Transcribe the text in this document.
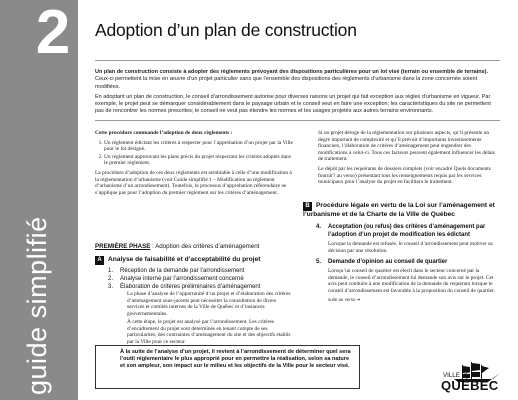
2
guide simplifié
Adoption d’un plan de construction

Un plan de construction consiste à adopter des règlements prévoyant des dispositions particulières pour un lot visé (terrain ou ensemble de terrains). Ceux-ci permettent la mise en œuvre d’un projet particulier sans que l’ensemble des dispositions des règlements d’urbanisme dans la zone concernée soient modifiées.

En adoptant un plan de construction, le conseil d’arrondissement autorise pour diverses raisons un projet qui fait exception aux règles d’urbanisme en vigueur. Par exemple, le projet peut se démarquer considérablement dans le paysage urbain et le conseil veut en faire une exception; les caractéristiques du site ne permettent pas de rencontrer les normes prescrites; le conseil ne veut pas étendre les normes et les usages projetés aux autres terrains environnants.

Cette procédure commande l’adoption de deux règlements :

1. Un règlement édictant les critères à respecter pour l’approbation d’un projet par la Ville pour le lot désigné.
2. Un règlement approuvant les plans précis du projet respectant les critères adoptés dans le premier règlement.

La procédure d’adoption de ces deux règlements est semblable à celle d’une modification à la réglementation d’urbanisme (voir Guide simplifié 1 – Modification au règlement d’urbanisme d’un arrondissement). Toutefois, le processus d’approbation référendaire ne s’applique pas pour l’adoption du premier règlement sur les critères d’aménagement.

PREMIÈRE PHASE : Adoption des critères d’aménagement
A Analyse de faisabilité et d’acceptabilité du projet
1. Réception de la demande par l’arrondissement
2. Analyse interne par l’arrondissement concerné
3. Élaboration de critères préliminaires d’aménagement

La phase d’analyse de l’opportunité d’un projet et d’élaboration des critères d’aménagement sous-jacents peut nécessiter la consultation de divers services et comités internes de la Ville de Québec et d’instances gouvernementales.

À cette étape, le projet est analysé par l’arrondissement. Les critères d’encadrement du projet sont déterminés en tenant compte de ses particularités, des contraintes d’aménagement du site et des objectifs établis par la Ville pour ce secteur.

Si un projet déroge de la réglementation sur plusieurs aspects, qu’il présente un degré important de complexité et qu’il prévoit d’importants investissements financiers, l’élaboration de critères d’aménagement peut engendrer des modifications à celui-ci. Tous ces facteurs peuvent également influencer les délais de traitement.

Le dépôt par les requérants de dossiers complets (voir encadré Quels documents fournir? au verso) présentant tous les renseignements requis par les services municipaux pour l’analyse du projet en facilitera le traitement.

B Procédure légale en vertu de la Loi sur l’aménagement et l’urbanisme et de la Charte de la Ville de Québec
4. Acceptation (ou refus) des critères d’aménagement par l’adoption d’un projet de modification les édictant
Lorsque la demande est refusée, le conseil d’arrondissement peut motiver sa décision par une résolution.
5. Demande d’opinion au conseil de quartier
Lorsqu’un conseil de quartier est électi dans le secteur concerné par la demande, le conseil d’arrondissement lui demande son avis sur le projet. Cet avis peut conduire à une modification de la demande du requérant lorsque le conseil d’arrondissement est favorable à la proposition du conseil de quartier.
suite au verso ➔
À la suite de l’analyse d’un projet, il revient à l’arrondissement de déterminer quel sera l’outil réglementaire le plus approprié pour en permettre la réalisation, selon sa nature et son ampleur, son impact sur le milieu et les objectifs de la Ville pour le secteur visé.
VILLE DE
QUÉBEC
